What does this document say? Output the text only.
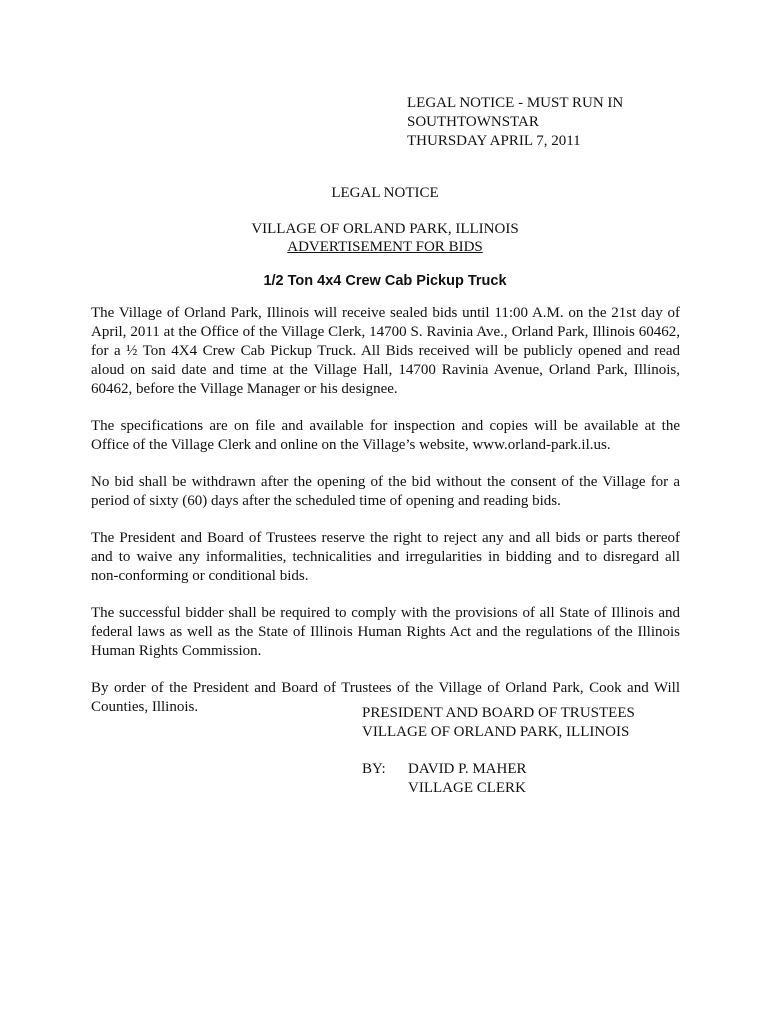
LEGAL NOTICE - MUST RUN IN
SOUTHTOWNSTAR
THURSDAY APRIL 7, 2011
LEGAL NOTICE
VILLAGE OF ORLAND PARK, ILLINOIS
ADVERTISEMENT FOR BIDS
1/2 Ton 4x4 Crew Cab Pickup Truck

The Village of Orland Park, Illinois will receive sealed bids until 11:00 A.M. on the 21st day of April, 2011 at the Office of the Village Clerk, 14700 S. Ravinia Ave., Orland Park, Illinois 60462, for a ½ Ton 4X4 Crew Cab Pickup Truck. All Bids received will be publicly opened and read aloud on said date and time at the Village Hall, 14700 Ravinia Avenue, Orland Park, Illinois, 60462, before the Village Manager or his designee.

The specifications are on file and available for inspection and copies will be available at the Office of the Village Clerk and online on the Village’s website, www.orland-park.il.us.

No bid shall be withdrawn after the opening of the bid without the consent of the Village for a period of sixty (60) days after the scheduled time of opening and reading bids.

The President and Board of Trustees reserve the right to reject any and all bids or parts thereof and to waive any informalities, technicalities and irregularities in bidding and to disregard all non-conforming or conditional bids.

The successful bidder shall be required to comply with the provisions of all State of Illinois and federal laws as well as the State of Illinois Human Rights Act and the regulations of the Illinois Human Rights Commission.

By order of the President and Board of Trustees of the Village of Orland Park, Cook and Will Counties, Illinois.	PRESIDENT AND BOARD OF TRUSTEES
VILLAGE OF ORLAND PARK, ILLINOIS
BY:	DAVID P. MAHER
VILLAGE CLERK
